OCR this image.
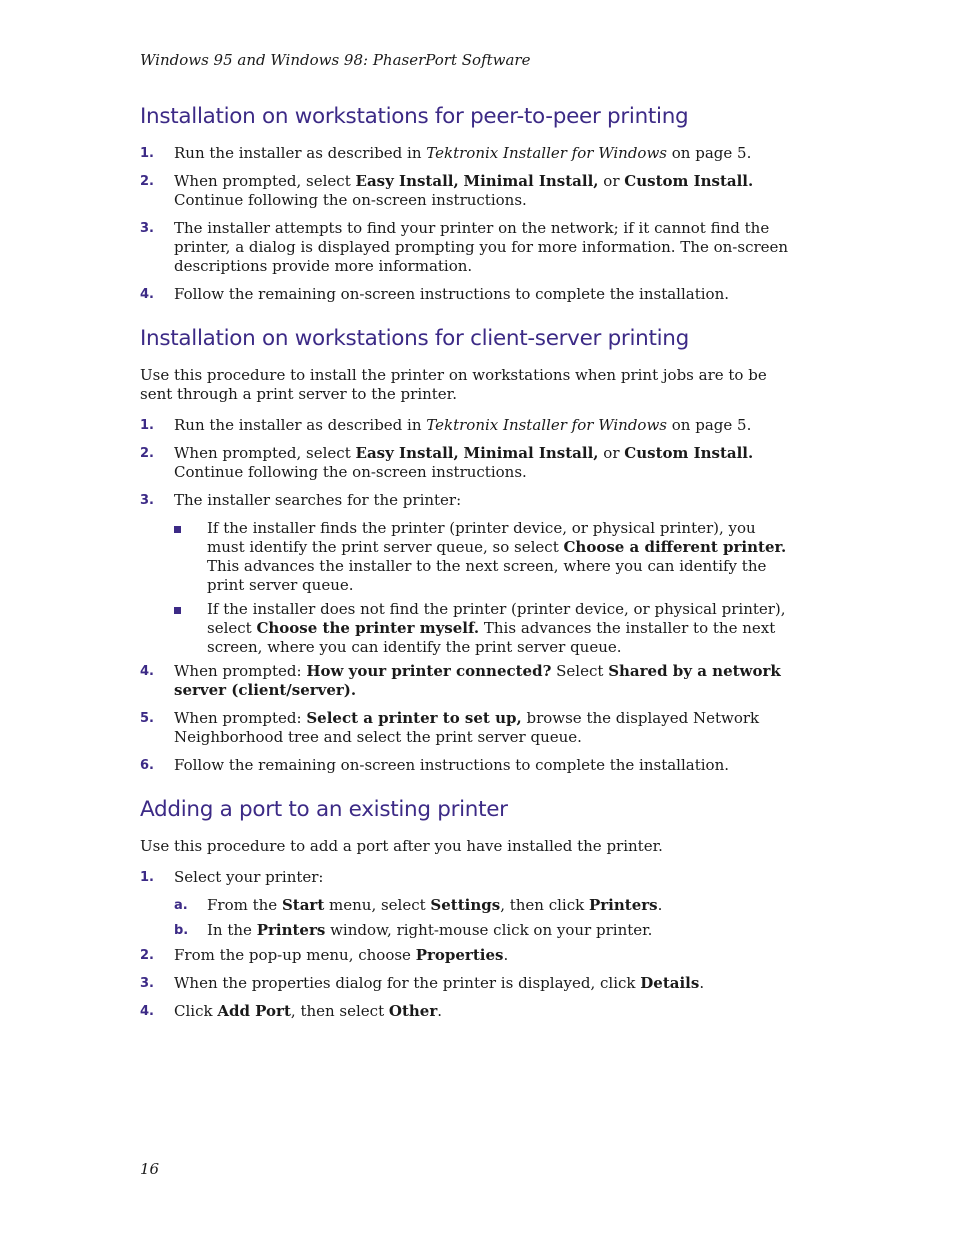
Windows 95 and Windows 98: PhaserPort Software
Installation on workstations for peer-to-peer printing
1. Run the installer as described in Tektronix Installer for Windows on page 5.
2. When prompted, select Easy Install, Minimal Install, or Custom Install. Continue following the on-screen instructions.
3. The installer attempts to find your printer on the network; if it cannot find the printer, a dialog is displayed prompting you for more information. The on-screen descriptions provide more information.
4. Follow the remaining on-screen instructions to complete the installation.
Installation on workstations for client-server printing

Use this procedure to install the printer on workstations when print jobs are to be sent through a print server to the printer.

1. Run the installer as described in Tektronix Installer for Windows on page 5.
2. When prompted, select Easy Install, Minimal Install, or Custom Install. Continue following the on-screen instructions.
3. The installer searches for the printer:
If the installer finds the printer (printer device, or physical printer), you must identify the print server queue, so select Choose a different printer. This advances the installer to the next screen, where you can identify the print server queue.
If the installer does not find the printer (printer device, or physical printer), select Choose the printer myself. This advances the installer to the next screen, where you can identify the print server queue.
4. When prompted: How your printer connected? Select Shared by a network server (client/server).
5. When prompted: Select a printer to set up, browse the displayed Network Neighborhood tree and select the print server queue.
6. Follow the remaining on-screen instructions to complete the installation.
Adding a port to an existing printer

Use this procedure to add a port after you have installed the printer.

1. Select your printer:
a. From the Start menu, select Settings, then click Printers.
b. In the Printers window, right-mouse click on your printer.
2. From the pop-up menu, choose Properties.
3. When the properties dialog for the printer is displayed, click Details.
4. Click Add Port, then select Other.
16
